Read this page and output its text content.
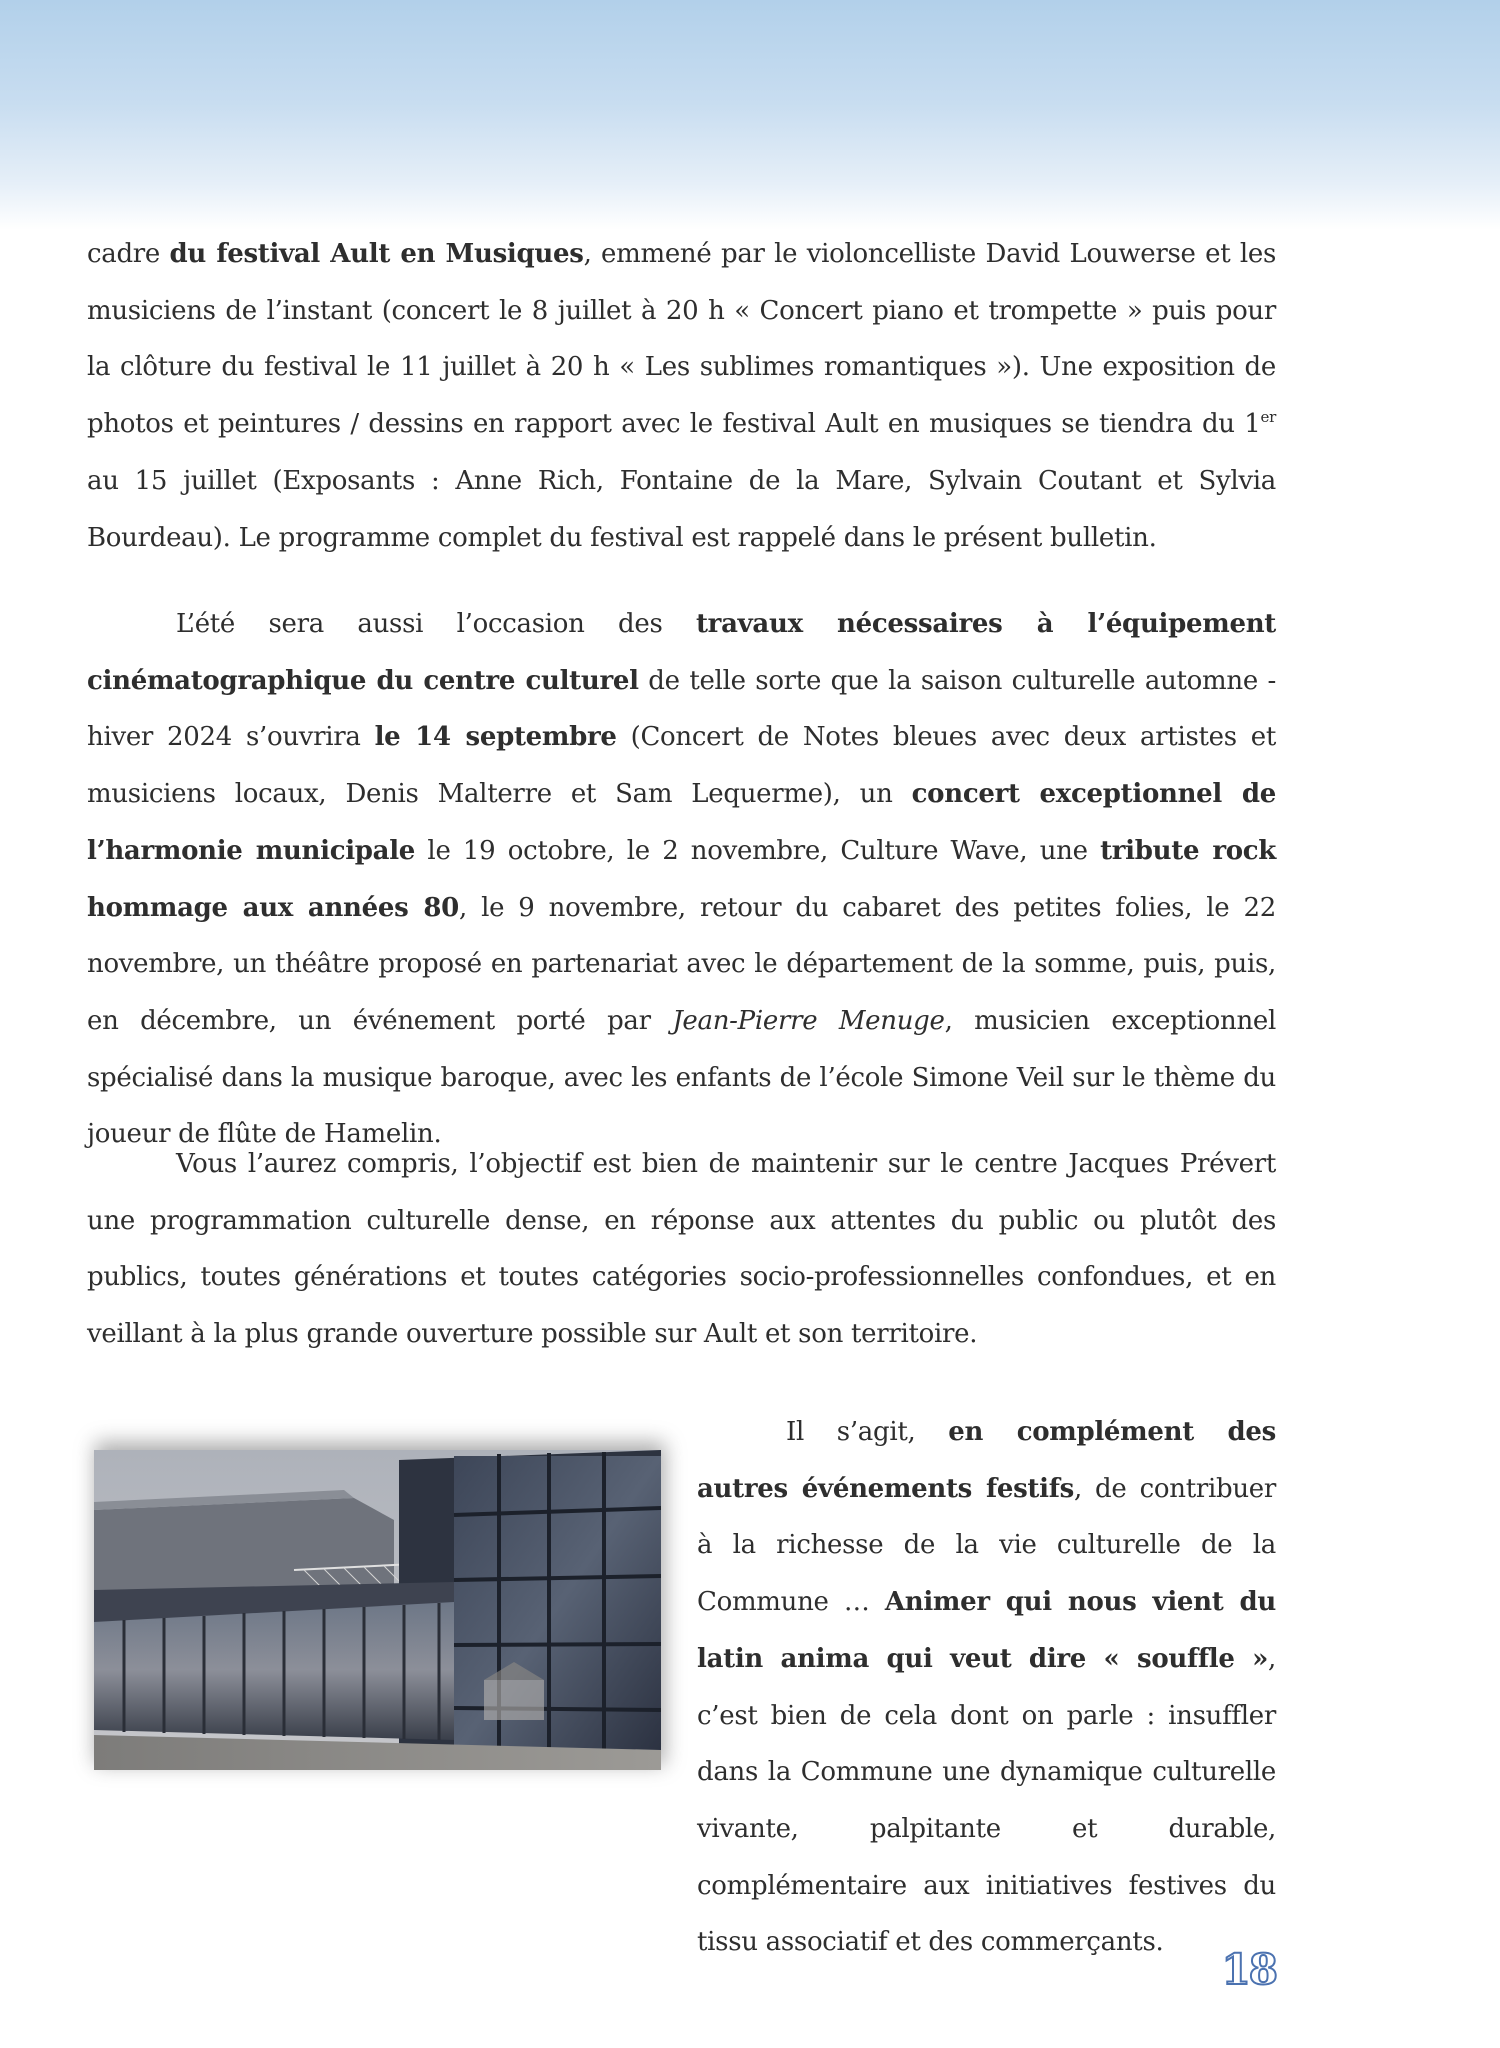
cadre du festival Ault en Musiques, emmené par le violoncelliste David Louwerse et les musiciens de l’instant (concert le 8 juillet à 20 h « Concert piano et trompette » puis pour la clôture du festival le 11 juillet à 20 h « Les sublimes romantiques »). Une exposition de photos et peintures / dessins en rapport avec le festival Ault en musiques se tiendra du 1er au 15 juillet (Exposants : Anne Rich, Fontaine de la Mare, Sylvain Coutant et Sylvia Bourdeau). Le programme complet du festival est rappelé dans le présent bulletin.

L’été sera aussi l’occasion des travaux nécessaires à l’équipement cinématographique du centre culturel de telle sorte que la saison culturelle automne - hiver 2024 s’ouvrira le 14 septembre (Concert de Notes bleues avec deux artistes et musiciens locaux, Denis Malterre et Sam Lequerme), un concert exceptionnel de l’harmonie municipale le 19 octobre, le 2 novembre, Culture Wave, une tribute rock hommage aux années 80, le 9 novembre, retour du cabaret des petites folies, le 22 novembre, un théâtre proposé en partenariat avec le département de la somme, puis, puis, en décembre, un événement porté par Jean-Pierre Menuge, musicien exceptionnel spécialisé dans la musique baroque, avec les enfants de l’école Simone Veil sur le thème du joueur de flûte de Hamelin.

Vous l’aurez compris, l’objectif est bien de maintenir sur le centre Jacques Prévert une programmation culturelle dense, en réponse aux attentes du public ou plutôt des publics, toutes générations et toutes catégories socio-professionnelles confondues, et en veillant à la plus grande ouverture possible sur Ault et son territoire.

Il s’agit, en complément des autres événements festifs, de contribuer à la richesse de la vie culturelle de la Commune … Animer qui nous vient du latin anima qui veut dire « souffle », c’est bien de cela dont on parle : insuffler dans la Commune une dynamique culturelle vivante, palpitante et durable, complémentaire aux initiatives festives du tissu associatif et des commerçants.

18
